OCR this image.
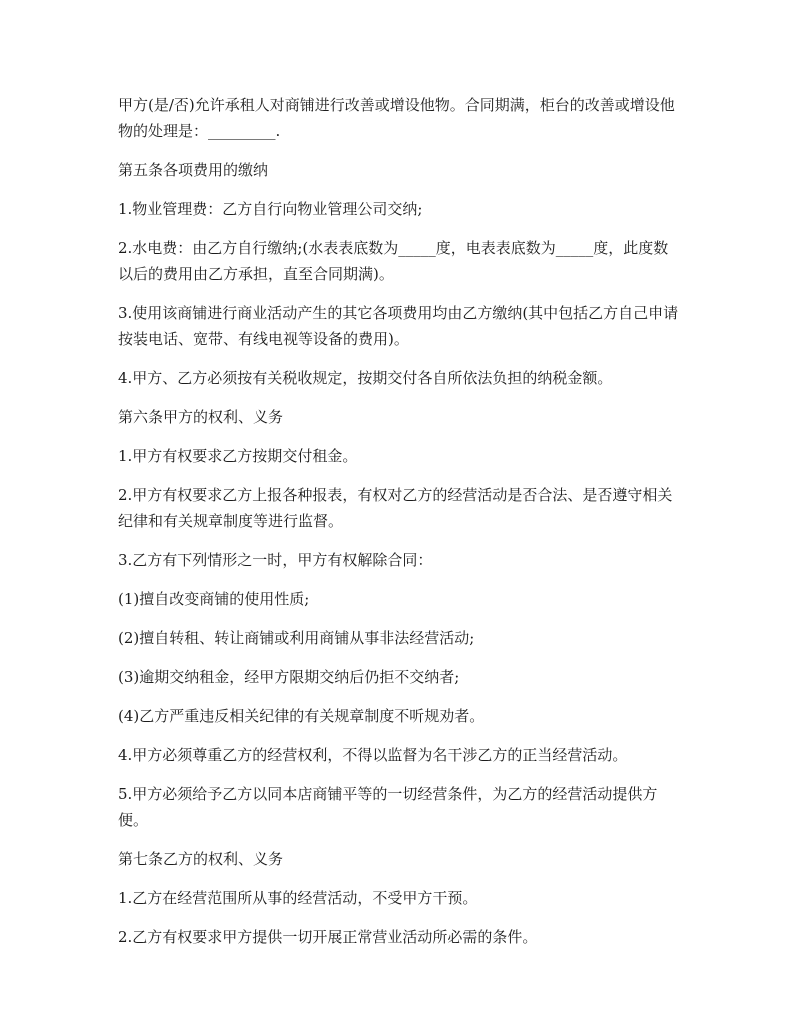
甲方(是/否)允许承租人对商铺进行改善或增设他物。合同期满，柜台的改善或增设他物的处理是：_________.

第五条各项费用的缴纳

1.物业管理费：乙方自行向物业管理公司交纳;

2.水电费：由乙方自行缴纳;(水表表底数为_____度，电表表底数为_____度，此度数以后的费用由乙方承担，直至合同期满)。

3.使用该商铺进行商业活动产生的其它各项费用均由乙方缴纳(其中包括乙方自己申请按装电话、宽带、有线电视等设备的费用)。

4.甲方、乙方必须按有关税收规定，按期交付各自所依法负担的纳税金额。

第六条甲方的权利、义务

1.甲方有权要求乙方按期交付租金。

2.甲方有权要求乙方上报各种报表，有权对乙方的经营活动是否合法、是否遵守相关纪律和有关规章制度等进行监督。

3.乙方有下列情形之一时，甲方有权解除合同：

(1)擅自改变商铺的使用性质;

(2)擅自转租、转让商铺或利用商铺从事非法经营活动;

(3)逾期交纳租金，经甲方限期交纳后仍拒不交纳者;

(4)乙方严重违反相关纪律的有关规章制度不听规劝者。

4.甲方必须尊重乙方的经营权利，不得以监督为名干涉乙方的正当经营活动。

5.甲方必须给予乙方以同本店商铺平等的一切经营条件，为乙方的经营活动提供方便。

第七条乙方的权利、义务

1.乙方在经营范围所从事的经营活动，不受甲方干预。

2.乙方有权要求甲方提供一切开展正常营业活动所必需的条件。
